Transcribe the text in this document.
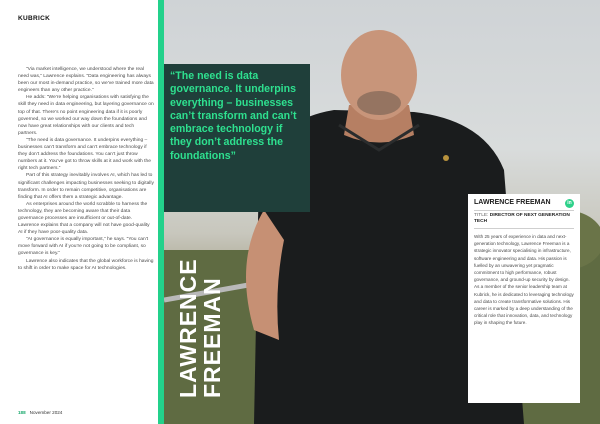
KUBRICK

“Via market intelligence, we understood where the real need was,” Lawrence explains. “Data engineering has always been our most in-demand practice, so we’ve trained more data engineers than any other practice.”

He adds: “We’re helping organisations with satisfying the skill they need in data engineering, but layering governance on top of that. There’s no point engineering data if it is poorly governed, so we worked our way down the foundations and now have great relationships with our clients and tech partners.

“The need is data governance. It underpins everything – businesses can’t transform and can’t embrace technology if they don’t address the foundations. You can’t just throw numbers at it. You’ve got to throw skills at it and work with the right tech partners.”

Part of this strategy inevitably involves AI, which has led to significant challenges impacting businesses seeking to digitally transform. In order to remain competitive, organisations are finding that AI offers them a strategic advantage.

As enterprises around the world scrabble to harness the technology, they are becoming aware that their data governance processes are insufficient or out-of-date. Lawrence explains that a company will not have good-quality AI if they have poor-quality data.

“AI governance is equally important,” he says. “You can’t move forward with AI if you’re not going to be compliant, so governance is key.”

Lawrence also indicates that the global workforce is having to shift in order to make space for AI technologies.

188 November 2024
“The need is data governance. It underpins everything – businesses can’t transform and can’t embrace technology if they don’t address the foundations”
LAWRENCE
FREEMAN
LAWRENCE FREEMAN	in
TITLE: DIRECTOR OF NEXT GENERATION TECH
With 25 years of experience in data and next-generation technology, Lawrence Freeman is a strategic innovator specialising in infrastructure, software engineering and data. His passion is fuelled by an unwavering yet pragmatic commitment to high performance, robust governance, and ground-up security by design. As a member of the senior leadership team at Kubrick, he is dedicated to leveraging technology and data to create transformative solutions. His career is marked by a deep understanding of the critical role that innovation, data, and technology play in shaping the future.
